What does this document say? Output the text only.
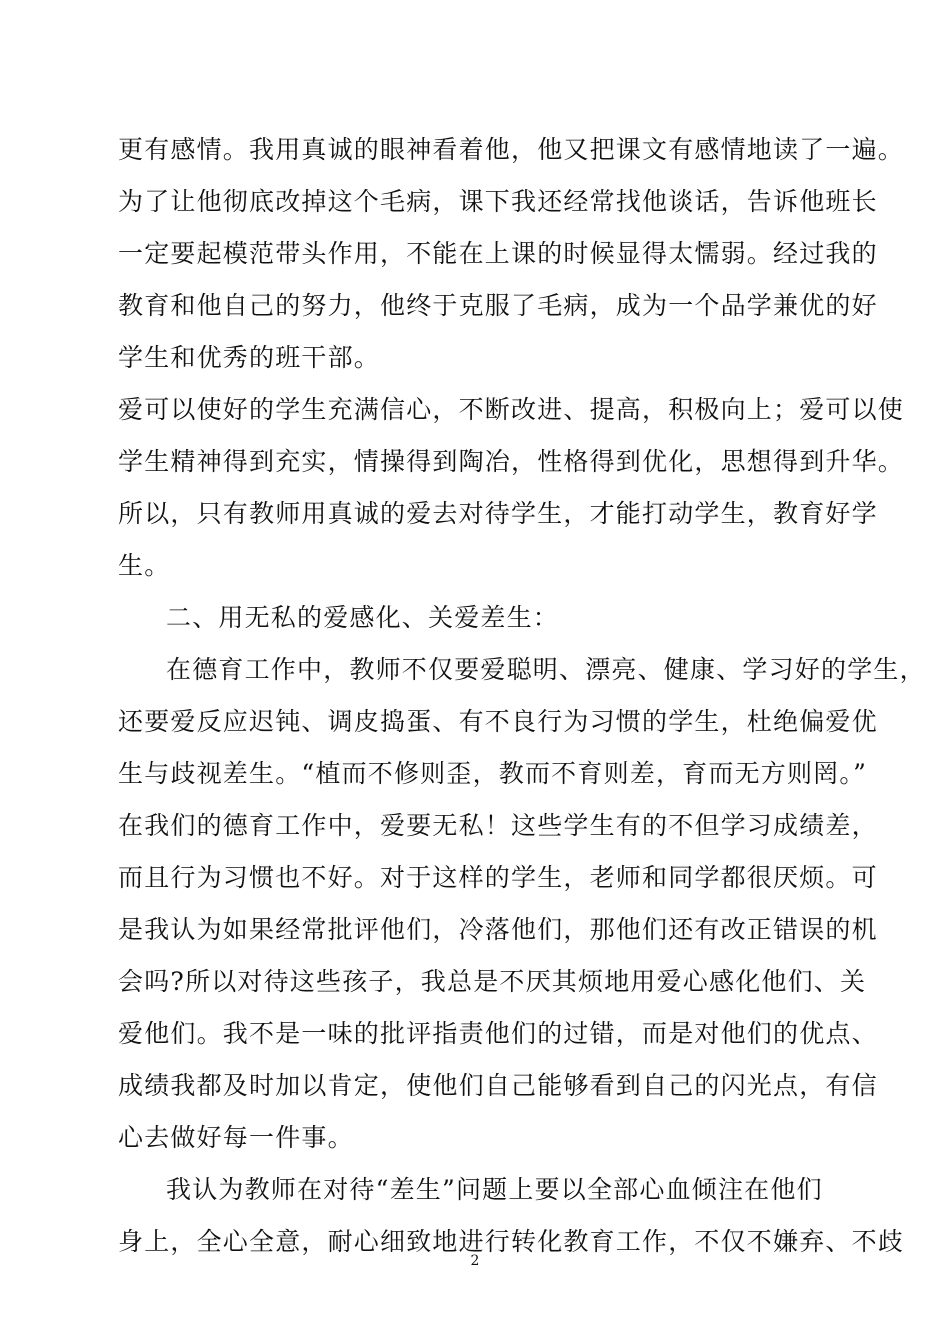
更有感情。我用真诚的眼神看着他，他又把课文有感情地读了一遍。
为了让他彻底改掉这个毛病，课下我还经常找他谈话，告诉他班长
一定要起模范带头作用，不能在上课的时候显得太懦弱。经过我的
教育和他自己的努力，他终于克服了毛病，成为一个品学兼优的好
学生和优秀的班干部。
爱可以使好的学生充满信心，不断改进、提高，积极向上；爱可以使
学生精神得到充实，情操得到陶冶，性格得到优化，思想得到升华。
所以，只有教师用真诚的爱去对待学生，才能打动学生，教育好学
生。
二、用无私的爱感化、关爱差生：
在德育工作中，教师不仅要爱聪明、漂亮、健康、学习好的学生，
还要爱反应迟钝、调皮捣蛋、有不良行为习惯的学生，杜绝偏爱优
生与歧视差生。“植而不修则歪，教而不育则差，育而无方则罔。”
在我们的德育工作中，爱要无私！这些学生有的不但学习成绩差，
而且行为习惯也不好。对于这样的学生，老师和同学都很厌烦。可
是我认为如果经常批评他们，冷落他们，那他们还有改正错误的机
会吗?所以对待这些孩子，我总是不厌其烦地用爱心感化他们、关
爱他们。我不是一味的批评指责他们的过错，而是对他们的优点、
成绩我都及时加以肯定，使他们自己能够看到自己的闪光点，有信
心去做好每一件事。
我认为教师在对待“差生”问题上要以全部心血倾注在他们
身上，全心全意，耐心细致地进行转化教育工作，不仅不嫌弃、不歧
2
